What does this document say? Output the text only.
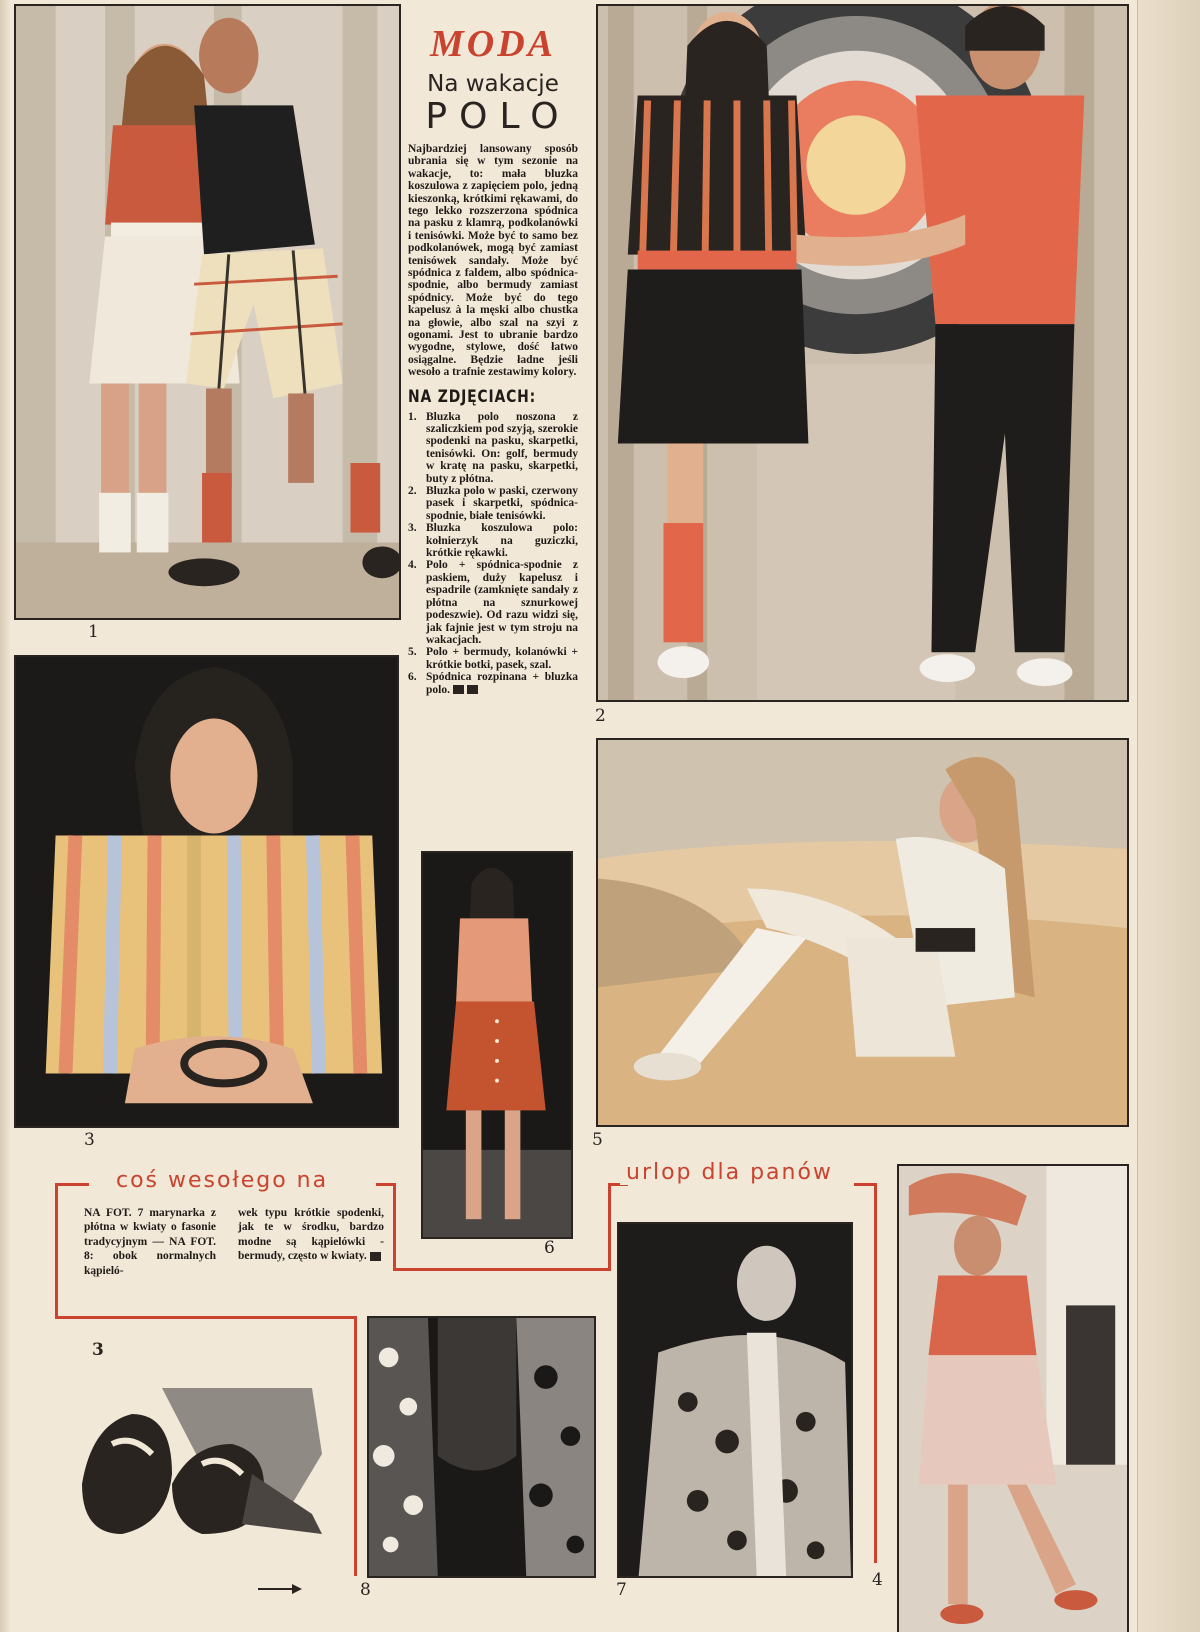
1
MODA
Na wakacje
POLO

Najbardziej lansowany sposób ubrania się w tym sezonie na wakacje, to: mała bluzka koszulowa z zapięciem polo, jedną kieszonką, krótkimi rękawami, do tego lekko rozszerzona spódnica na pasku z klamrą, podkolanówki i tenisówki. Może być to samo bez podkolanówek, mogą być zamiast tenisówek sandały. Może być spódnica z faldem, albo spódnica-spodnie, albo bermudy zamiast spódnicy. Może być do tego kapelusz à la męski albo chustka na głowie, albo szal na szyi z ogonami. Jest to ubranie bardzo wygodne, stylowe, dość łatwo osiągalne. Będzie ładne jeśli wesoło a trafnie zestawimy kolory.

NA ZDJĘCIACH:
1. Bluzka polo noszona z szaliczkiem pod szyją, szerokie spodenki na pasku, skarpetki, tenisówki. On: golf, bermudy w kratę na pasku, skarpetki, buty z płótna.
2. Bluzka polo w paski, czerwony pasek i skarpetki, spódnica-spodnie, białe tenisówki.
3. Bluzka koszulowa polo: kołnierzyk na guziczki, krótkie rękawki.
4. Polo + spódnica-spodnie z paskiem, duży kapelusz i espadrile (zamknięte sandały z płótna na sznurkowej podeszwie). Od razu widzi się, jak fajnie jest w tym stroju na wakacjach.
5. Polo + bermudy, kolanówki + krótkie botki, pasek, szal.
6. Spódnica rozpinana + bluzka polo.
2
3
6
5
coś wesołego na	urlop dla panów
NA FOT. 7 marynarka z płótna w kwiaty o fasonie tradycyjnym — NA FOT. 8: obok normalnych kąpieló-
wek typu krótkie spodenki, jak te w środku, bardzo modne są kąpielówki - bermudy, często w kwiaty.
3
8	7	4
